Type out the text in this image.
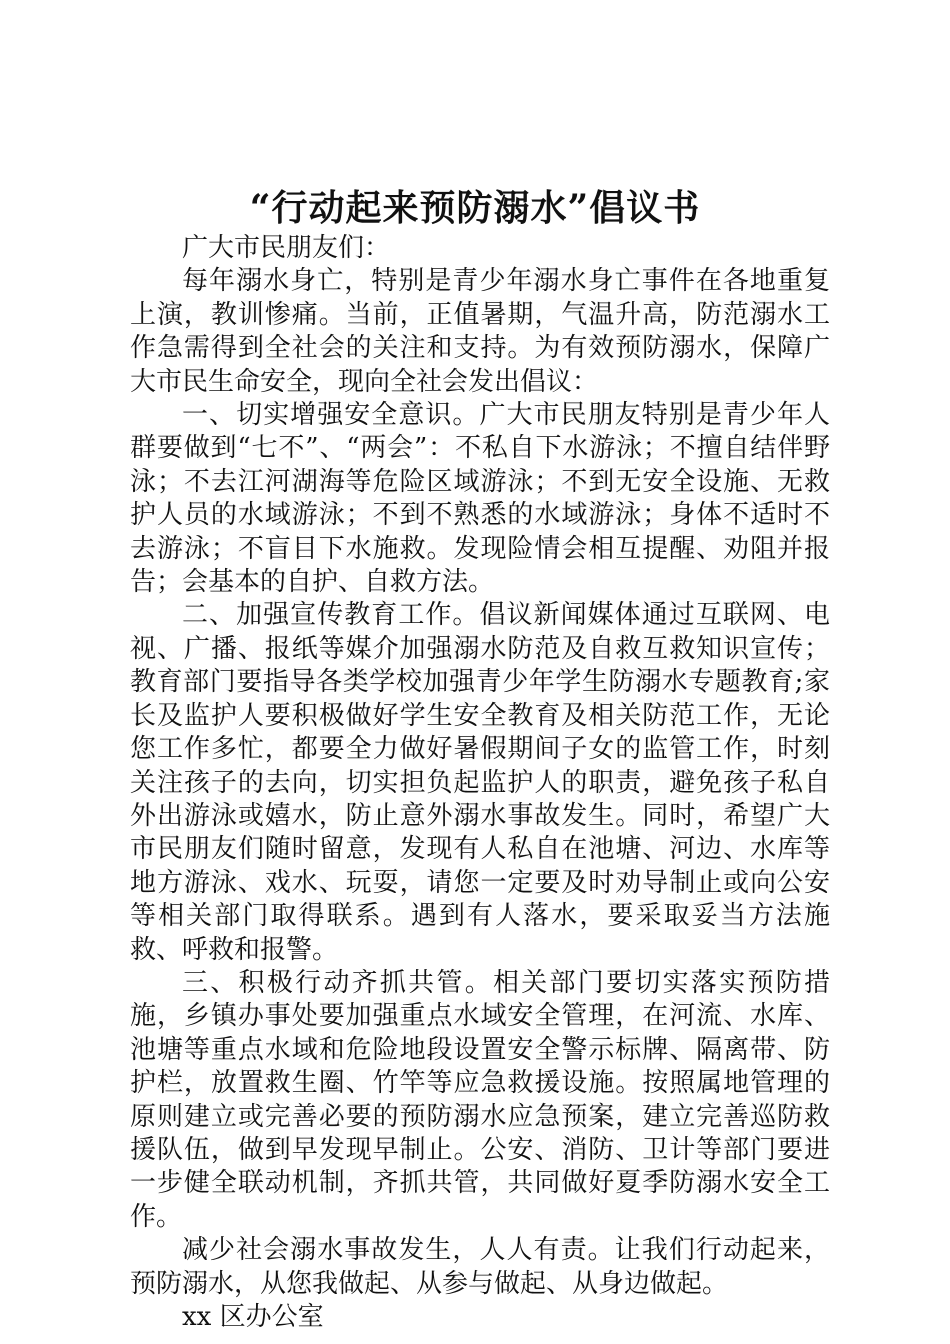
“行动起来预防溺水”倡议书

广大市民朋友们：

每年溺水身亡，特别是青少年溺水身亡事件在各地重复上演，教训惨痛。当前，正值暑期，气温升高，防范溺水工作急需得到全社会的关注和支持。为有效预防溺水，保障广大市民生命安全，现向全社会发出倡议：

一、切实增强安全意识。广大市民朋友特别是青少年人群要做到“七不”、“两会”：不私自下水游泳；不擅自结伴野泳；不去江河湖海等危险区域游泳；不到无安全设施、无救护人员的水域游泳；不到不熟悉的水域游泳；身体不适时不去游泳；不盲目下水施救。发现险情会相互提醒、劝阻并报告；会基本的自护、自救方法。

二、加强宣传教育工作。倡议新闻媒体通过互联网、电视、广播、报纸等媒介加强溺水防范及自救互救知识宣传；教育部门要指导各类学校加强青少年学生防溺水专题教育;家长及监护人要积极做好学生安全教育及相关防范工作，无论您工作多忙，都要全力做好暑假期间子女的监管工作，时刻关注孩子的去向，切实担负起监护人的职责，避免孩子私自外出游泳或嬉水，防止意外溺水事故发生。同时，希望广大市民朋友们随时留意，发现有人私自在池塘、河边、水库等地方游泳、戏水、玩耍，请您一定要及时劝导制止或向公安等相关部门取得联系。遇到有人落水，要采取妥当方法施救、呼救和报警。

三、积极行动齐抓共管。相关部门要切实落实预防措施，乡镇办事处要加强重点水域安全管理，在河流、水库、池塘等重点水域和危险地段设置安全警示标牌、隔离带、防护栏，放置救生圈、竹竿等应急救援设施。按照属地管理的原则建立或完善必要的预防溺水应急预案，建立完善巡防救援队伍，做到早发现早制止。公安、消防、卫计等部门要进一步健全联动机制，齐抓共管，共同做好夏季防溺水安全工作。

减少社会溺水事故发生，人人有责。让我们行动起来，预防溺水，从您我做起、从参与做起、从身边做起。

xx 区办公室
